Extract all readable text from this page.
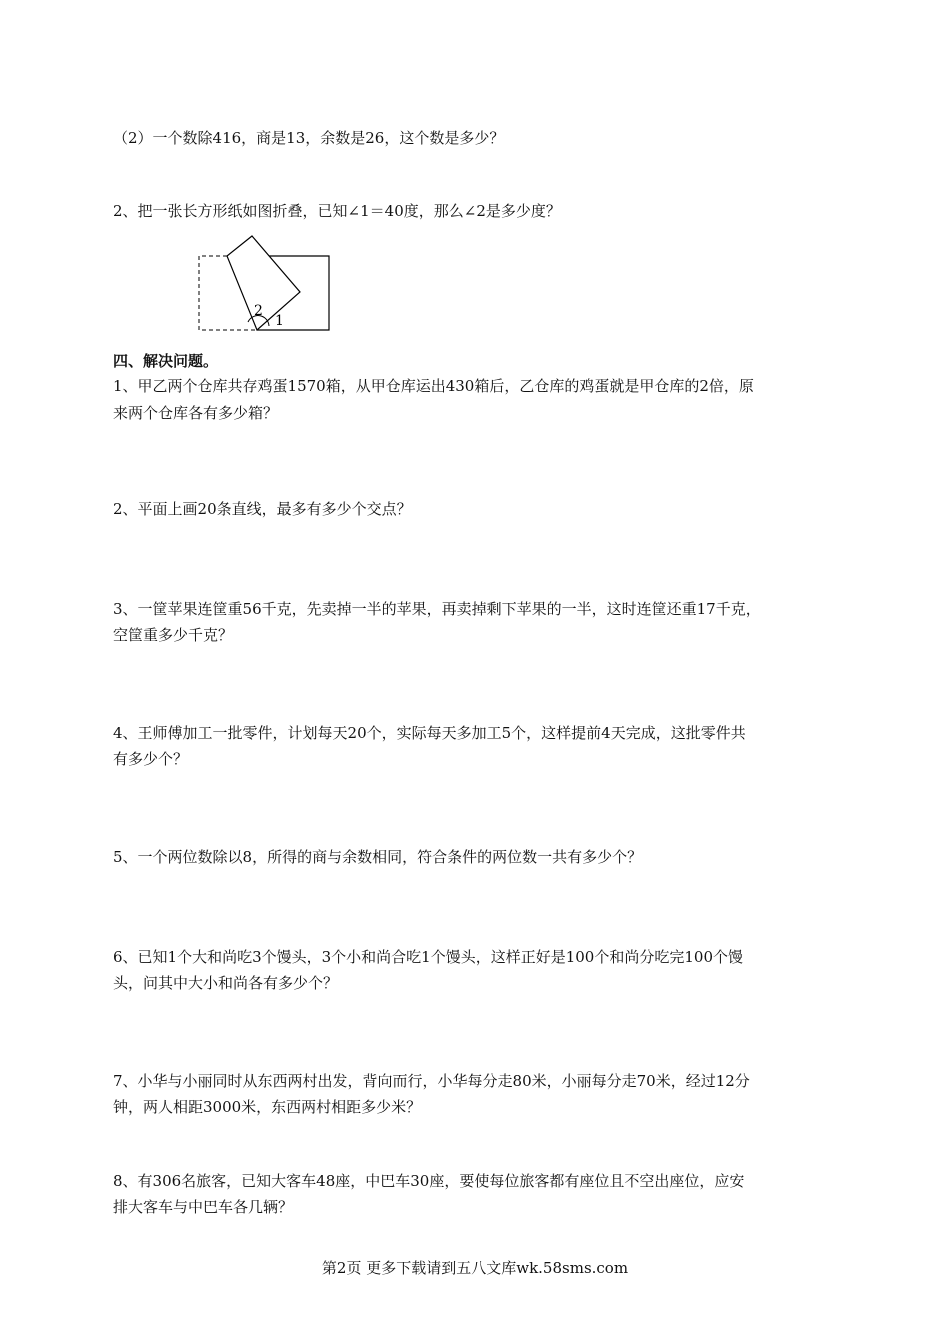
（2）一个数除416，商是13，余数是26，这个数是多少？
2、把一张长方形纸如图折叠，已知∠1＝40度，那么∠2是多少度？
2
1
四、解决问题。
1、甲乙两个仓库共存鸡蛋1570箱，从甲仓库运出430箱后，乙仓库的鸡蛋就是甲仓库的2倍，原
来两个仓库各有多少箱？
2、平面上画20条直线，最多有多少个交点？
3、一筐苹果连筐重56千克，先卖掉一半的苹果，再卖掉剩下苹果的一半，这时连筐还重17千克，
空筐重多少千克？
4、王师傅加工一批零件，计划每天20个，实际每天多加工5个，这样提前4天完成，这批零件共
有多少个？
5、一个两位数除以8，所得的商与余数相同，符合条件的两位数一共有多少个？
6、已知1个大和尚吃3个馒头，3个小和尚合吃1个馒头，这样正好是100个和尚分吃完100个馒
头，问其中大小和尚各有多少个？
7、小华与小丽同时从东西两村出发，背向而行，小华每分走80米，小丽每分走70米，经过12分
钟，两人相距3000米，东西两村相距多少米？
8、有306名旅客，已知大客车48座，中巴车30座，要使每位旅客都有座位且不空出座位，应安
排大客车与中巴车各几辆？
第2页 更多下载请到五八文库wk.58sms.com
